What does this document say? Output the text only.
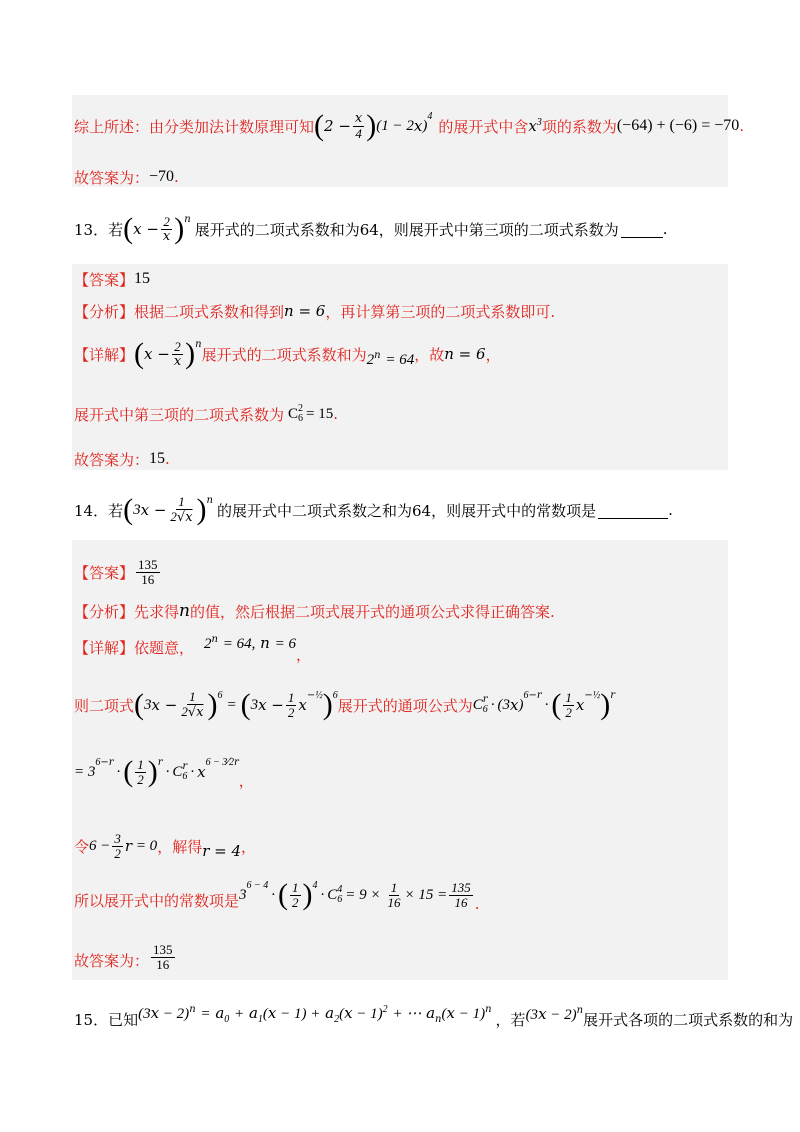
综上所述：由分类加法计数原理可知 ( $2 - \frac{x}{4}$ ) (1 − 2 x )
$^4$
的展开式中含 $x^3$ 项的系数为 (−64) + (−6) = −70 .
故答案为： −70 .
13．若 ( $x - \frac{2}{x} )^n$
展开式的二项式系数和为64，则展开式中第三项的二项式系数为	.
【答案】 15
【分析】 根据二项式系数和得到 n = 6 ，再计算第三项的二项式系数即可.
【详解】 ( $x - \frac{2}{x} )^n$
展开式的二项式系数和为 $2^n = 64$ ，故 n = 6 ，
展开式中第三项的二项式系数为 C 2
6 = 15 .
故答案为： 15 .
14．若 ( 3 $x - \frac{1}{2√x} )^n$
的展开式中二项式系数之和为64，则展开式中的常数项是	.
【答案】 $\frac{135}{16}$
【分析】 先求得 n 的值，然后根据二项式展开式的通项公式求得正确答案.
【详解】 依题意， $2^n = 64$, n = 6
，
则二项式 ( 3 $x - \frac{1}{2√x} )^6$
= ( 3 $x - \frac{1}{2}$ x
$^{-\frac{1}{2}}$ )$^6$
展开式的通项公式为 C r
6 · (3 x )
$^{6-r}$
· ( $\frac{1}{2}$ x
$^{-\frac{1}{2}}$ )$^r$
= 3
$^{6-r}$
· ( $\frac{1}{2} )^r$
· C r
6 · x
$^{6 - 3⁄2r}$
，
令 $6 - \frac{3}{2}$ r = 0 ，解得 r = 4 ，
所以展开式中的常数项是 3
$^{6 - 4}$
· ( $\frac{1}{2} )^4$
· C 4
$6 = 9 \times \frac{1}{16} \times 15 = \frac{135}{16}$ .
故答案为： $\frac{135}{16}$
15．已知 $(3x - 2)^n = a_0 + a_1(x - 1) + a_2(x - 1)^2$ + ⋯ $a_n(x - 1)^n$
，若 $(3x - 2)^n$
展开式各项的二项式系数的和为
